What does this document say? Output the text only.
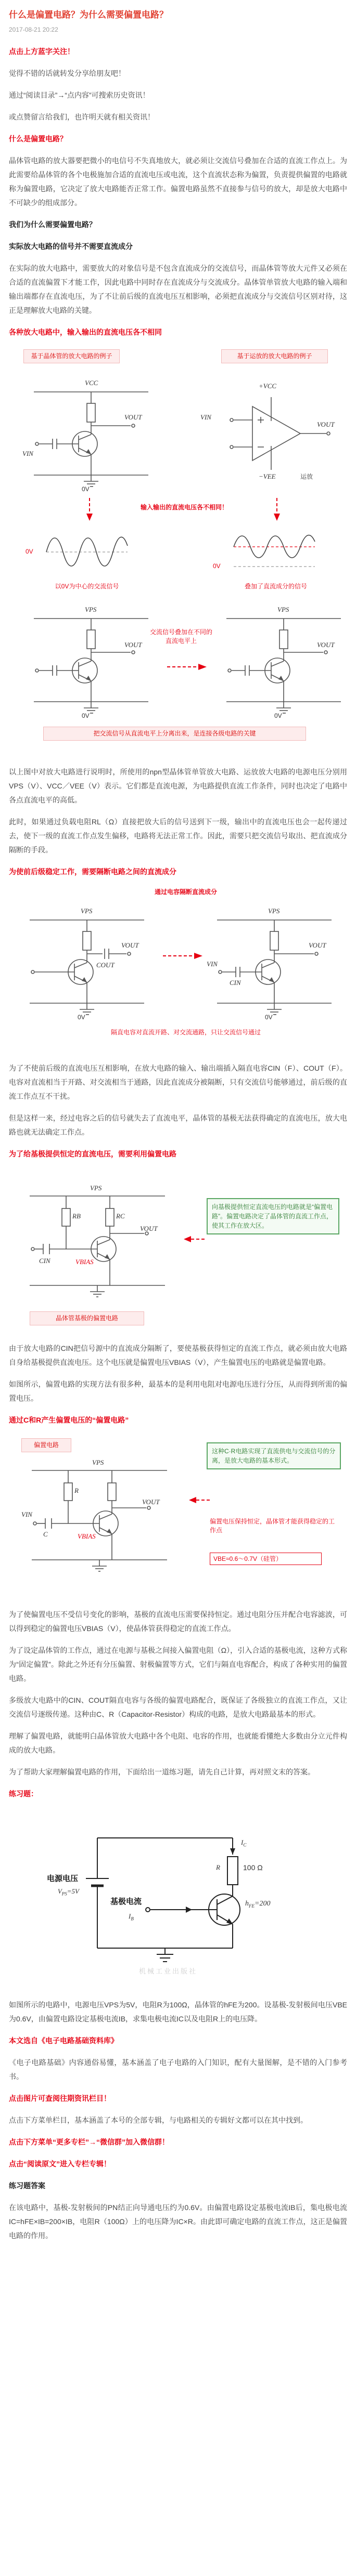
什么是偏置电路？为什么需要偏置电路？
2017-08-21 20:22

点击上方蓝字关注！

觉得不错的话就转发分享给朋友吧！

通过“阅读目录”→“点内容”可搜索历史资讯！

或点赞留言给我们，也许明天就有相关资讯！

什么是偏置电路？

晶体管电路的放大器要把微小的电信号不失真地放大，就必须让交流信号叠加在合适的直流工作点上。为此需要给晶体管的各个电极施加合适的直流电压或电流，这个直流状态称为偏置，负责提供偏置的电路就称为偏置电路，它决定了放大电路能否正常工作。偏置电路虽然不直接参与信号的放大，却是放大电路中不可缺少的组成部分。

我们为什么需要偏置电路？

实际放大电路的信号并不需要直流成分

在实际的放大电路中，需要放大的对象信号是不包含直流成分的交流信号，而晶体管等放大元件又必须在合适的直流偏置下才能工作，因此电路中同时存在直流成分与交流成分。晶体管单管放大电路的输入端和输出端都存在直流电压，为了不让前后级的直流电压互相影响，必须把直流成分与交流信号区别对待，这正是理解放大电路的关键。

各种放大电路中，输入输出的直流电压各不相同

基于晶体管的放大电路的例子	基于运放的放大电路的例子
VCC
VIN
VOUT
0V
+VCC
−VEE
VOUT
VIN
运放
输入输出的直流电压各不相同！
0V
0V
以0V为中心的交流信号	叠加了直流成分的信号
VPS
VOUT
0V
VPS
VOUT
0V
交流信号叠加在不同的直流电平上
把交流信号从直流电平上分离出来，是连接各级电路的关键

以上图中对放大电路进行说明时，所使用的npn型晶体管单管放大电路、运放放大电路的电源电压分别用VPS（V）、VCC／VEE（V）表示。它们都是直流电源，为电路提供直流工作条件，同时也决定了电路中各点直流电平的高低。

此时，如果通过负载电阻RL（Ω）直接把放大后的信号送到下一级，输出中的直流电压也会一起传递过去，使下一级的直流工作点发生偏移，电路将无法正常工作。因此，需要只把交流信号取出、把直流成分隔断的手段。

为使前后级稳定工作，需要隔断电路之间的直流成分

通过电容隔断直流成分
VPS
COUT
VOUT
0V
VPS
CIN
VIN
VOUT
0V
隔直电容对直流开路、对交流通路，只让交流信号通过

为了不使前后级的直流电压互相影响，在放大电路的输入、输出端插入隔直电容CIN（F）、COUT（F）。电容对直流相当于开路、对交流相当于通路，因此直流成分被隔断，只有交流信号能够通过，前后级的直流工作点互不干扰。

但是这样一来，经过电容之后的信号就失去了直流电平，晶体管的基极无法获得确定的直流电压，放大电路也就无法确定工作点。

为了给基极提供恒定的直流电压，需要利用偏置电路

VPS
RB	RC
CIN	VBIAS
VOUT
晶体管基极的偏置电路
向基极提供恒定直流电压的电路就是“偏置电路”。偏置电路决定了晶体管的直流工作点，使其工作在放大区。

由于放大电路的CIN把信号源中的直流成分隔断了，要使基极获得恒定的直流工作点，就必须由放大电路自身给基极提供直流电压。这个电压就是偏置电压VBIAS（V），产生偏置电压的电路就是偏置电路。

如图所示，偏置电路的实现方法有很多种，最基本的是利用电阻对电源电压进行分压，从而得到所需的偏置电压。

通过C和R产生偏置电压的“偏置电路”

偏置电路
VPS
R
C	VBIAS
VIN
VOUT
这种C·R电路实现了直流供电与交流信号的分离，是放大电路的基本形式。
偏置电压保持恒定，晶体管才能获得稳定的工作点
VBE≈0.6～0.7V（硅管）

为了使偏置电压不受信号变化的影响，基极的直流电压需要保持恒定。通过电阻分压并配合电容滤波，可以得到稳定的偏置电压VBIAS（V），使晶体管获得稳定的直流工作点。

为了设定晶体管的工作点，通过在电源与基极之间接入偏置电阻（Ω），引入合适的基极电流，这种方式称为“固定偏置”。除此之外还有分压偏置、射极偏置等方式，它们与隔直电容配合，构成了各种实用的偏置电路。

多级放大电路中的CIN、COUT隔直电容与各级的偏置电路配合，既保证了各级独立的直流工作点，又让交流信号逐级传递。这种由C、R（Capacitor-Resistor）构成的电路，是放大电路最基本的形式。

理解了偏置电路，就能明白晶体管放大电路中各个电阻、电容的作用，也就能看懂绝大多数由分立元件构成的放大电路。

为了帮助大家理解偏置电路的作用，下面给出一道练习题，请先自己计算，再对照文末的答案。

练习题：

电源电压
$V_{PS}=5V$
$I_C$
R	100 Ω
$h_{FE}=200$
基极电流
$I_B$
机械工业出版社

如图所示的电路中，电源电压VPS为5V，电阻R为100Ω，晶体管的hFE为200。设基极-发射极间电压VBE为0.6V，由偏置电路设定基极电流IB，求集电极电流IC以及电阻R上的电压降。

本文选自《电子电路基础资料库》

《电子电路基础》内容通俗易懂，基本涵盖了电子电路的入门知识，配有大量图解，是不错的入门参考书。

点击图片可查阅往期资讯栏目！

点击下方菜单栏目，基本涵盖了本号的全部专辑，与电路相关的专辑好文都可以在其中找到。

点击下方菜单“更多专栏”→“微信群”加入微信群！

点击“阅读原文”进入专栏专辑！

练习题答案

在该电路中，基极-发射极间的PN结正向导通电压约为0.6V。由偏置电路设定基极电流IB后，集电极电流IC=hFE×IB=200×IB，电阻R（100Ω）上的电压降为IC×R。由此即可确定电路的直流工作点，这正是偏置电路的作用。
